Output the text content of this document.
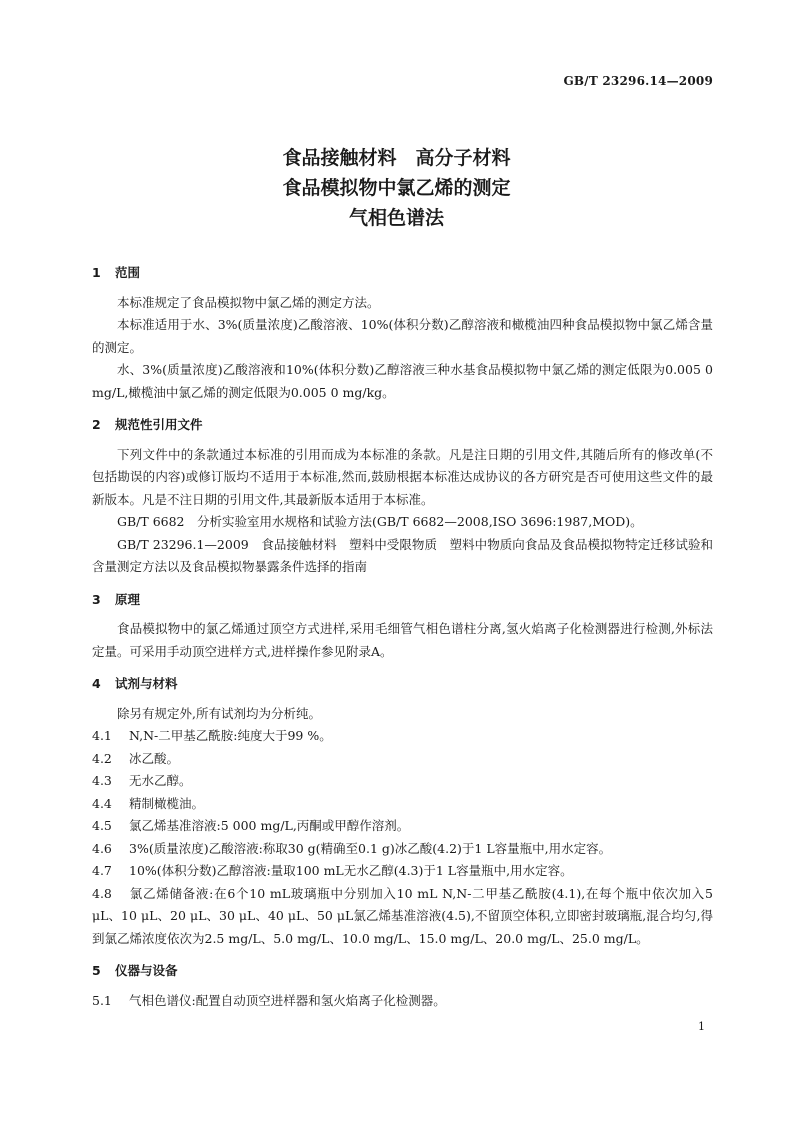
GB/T 23296.14—2009
食品接触材料　高分子材料
食品模拟物中氯乙烯的测定
气相色谱法
1 范围
本标准规定了食品模拟物中氯乙烯的测定方法。
本标准适用于水、3%(质量浓度)乙酸溶液、10%(体积分数)乙醇溶液和橄榄油四种食品模拟物中氯乙烯含量的测定。
水、3%(质量浓度)乙酸溶液和10%(体积分数)乙醇溶液三种水基食品模拟物中氯乙烯的测定低限为0.005 0 mg/L,橄榄油中氯乙烯的测定低限为0.005 0 mg/kg。
2 规范性引用文件
下列文件中的条款通过本标准的引用而成为本标准的条款。凡是注日期的引用文件,其随后所有的修改单(不包括勘误的内容)或修订版均不适用于本标准,然而,鼓励根据本标准达成协议的各方研究是否可使用这些文件的最新版本。凡是不注日期的引用文件,其最新版本适用于本标准。
GB/T 6682　分析实验室用水规格和试验方法(GB/T 6682—2008,ISO 3696:1987,MOD)。
GB/T 23296.1—2009　食品接触材料　塑料中受限物质　塑料中物质向食品及食品模拟物特定迁移试验和含量测定方法以及食品模拟物暴露条件选择的指南
3 原理
食品模拟物中的氯乙烯通过顶空方式进样,采用毛细管气相色谱柱分离,氢火焰离子化检测器进行检测,外标法定量。可采用手动顶空进样方式,进样操作参见附录A。
4 试剂与材料
除另有规定外,所有试剂均为分析纯。
4.1 N,N-二甲基乙酰胺:纯度大于99 %。
4.2 冰乙酸。
4.3 无水乙醇。
4.4 精制橄榄油。
4.5 氯乙烯基准溶液:5 000 mg/L,丙酮或甲醇作溶剂。
4.6 3%(质量浓度)乙酸溶液:称取30 g(精确至0.1 g)冰乙酸(4.2)于1 L容量瓶中,用水定容。
4.7 10%(体积分数)乙醇溶液:量取100 mL无水乙醇(4.3)于1 L容量瓶中,用水定容。
4.8 氯乙烯储备液:在6个10 mL玻璃瓶中分别加入10 mL N,N-二甲基乙酰胺(4.1),在每个瓶中依次加入5 μL、10 μL、20 μL、30 μL、40 μL、50 μL氯乙烯基准溶液(4.5),不留顶空体积,立即密封玻璃瓶,混合均匀,得到氯乙烯浓度依次为2.5 mg/L、5.0 mg/L、10.0 mg/L、15.0 mg/L、20.0 mg/L、25.0 mg/L。
5 仪器与设备
5.1 气相色谱仪:配置自动顶空进样器和氢火焰离子化检测器。
1
